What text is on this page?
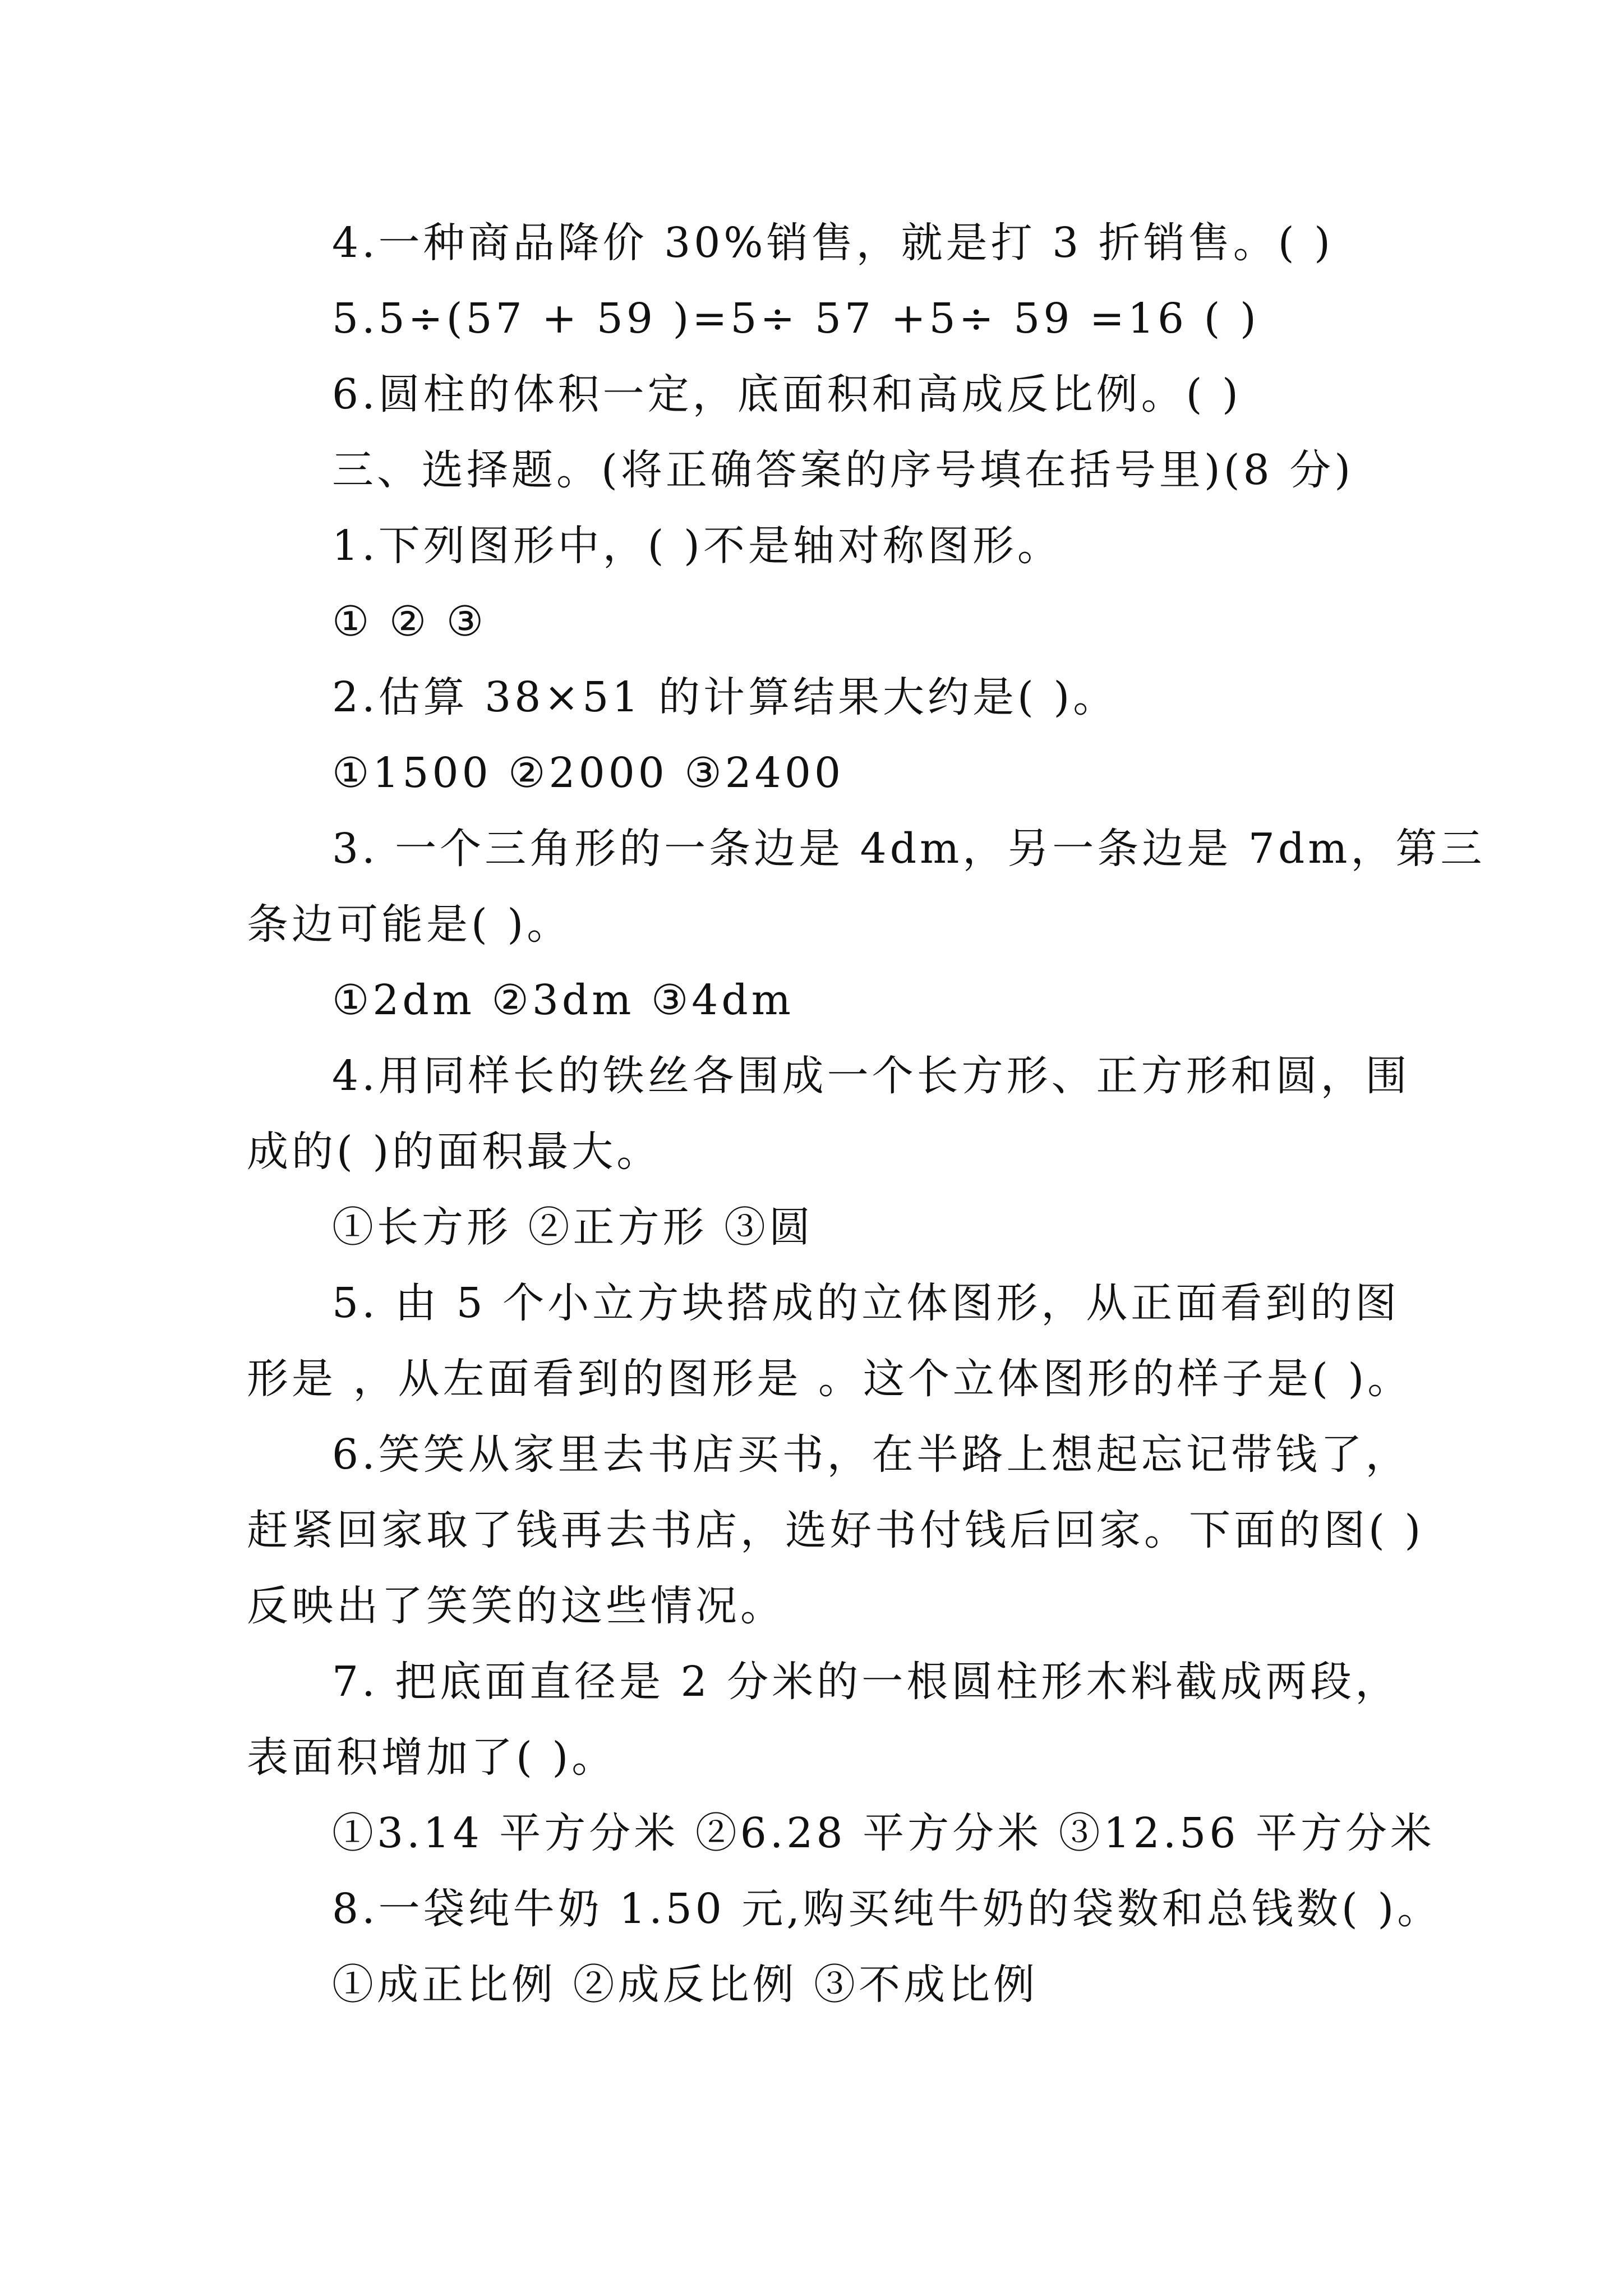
4.一种商品降价 30%销售，就是打 3 折销售。( )
5.5÷(57 + 59 )=5÷ 57 +5÷ 59 =16 ( )
6.圆柱的体积一定，底面积和高成反比例。( )
三、选择题。(将正确答案的序号填在括号里)(8 分)
1.下列图形中，( )不是轴对称图形。
① ② ③
2.估算 38×51 的计算结果大约是( )。
①1500 ②2000 ③2400
3. 一个三角形的一条边是 4dm，另一条边是 7dm，第三
条边可能是( )。
①2dm ②3dm ③4dm
4.用同样长的铁丝各围成一个长方形、正方形和圆，围
成的( )的面积最大。
①长方形 ②正方形 ③圆
5. 由 5 个小立方块搭成的立体图形，从正面看到的图
形是 ，从左面看到的图形是 。这个立体图形的样子是( )。
6.笑笑从家里去书店买书，在半路上想起忘记带钱了，
赶紧回家取了钱再去书店，选好书付钱后回家。下面的图( )
反映出了笑笑的这些情况。
7. 把底面直径是 2 分米的一根圆柱形木料截成两段，
表面积增加了( )。
①3.14 平方分米 ②6.28 平方分米 ③12.56 平方分米
8.一袋纯牛奶 1.50 元,购买纯牛奶的袋数和总钱数( )。
①成正比例 ②成反比例 ③不成比例
